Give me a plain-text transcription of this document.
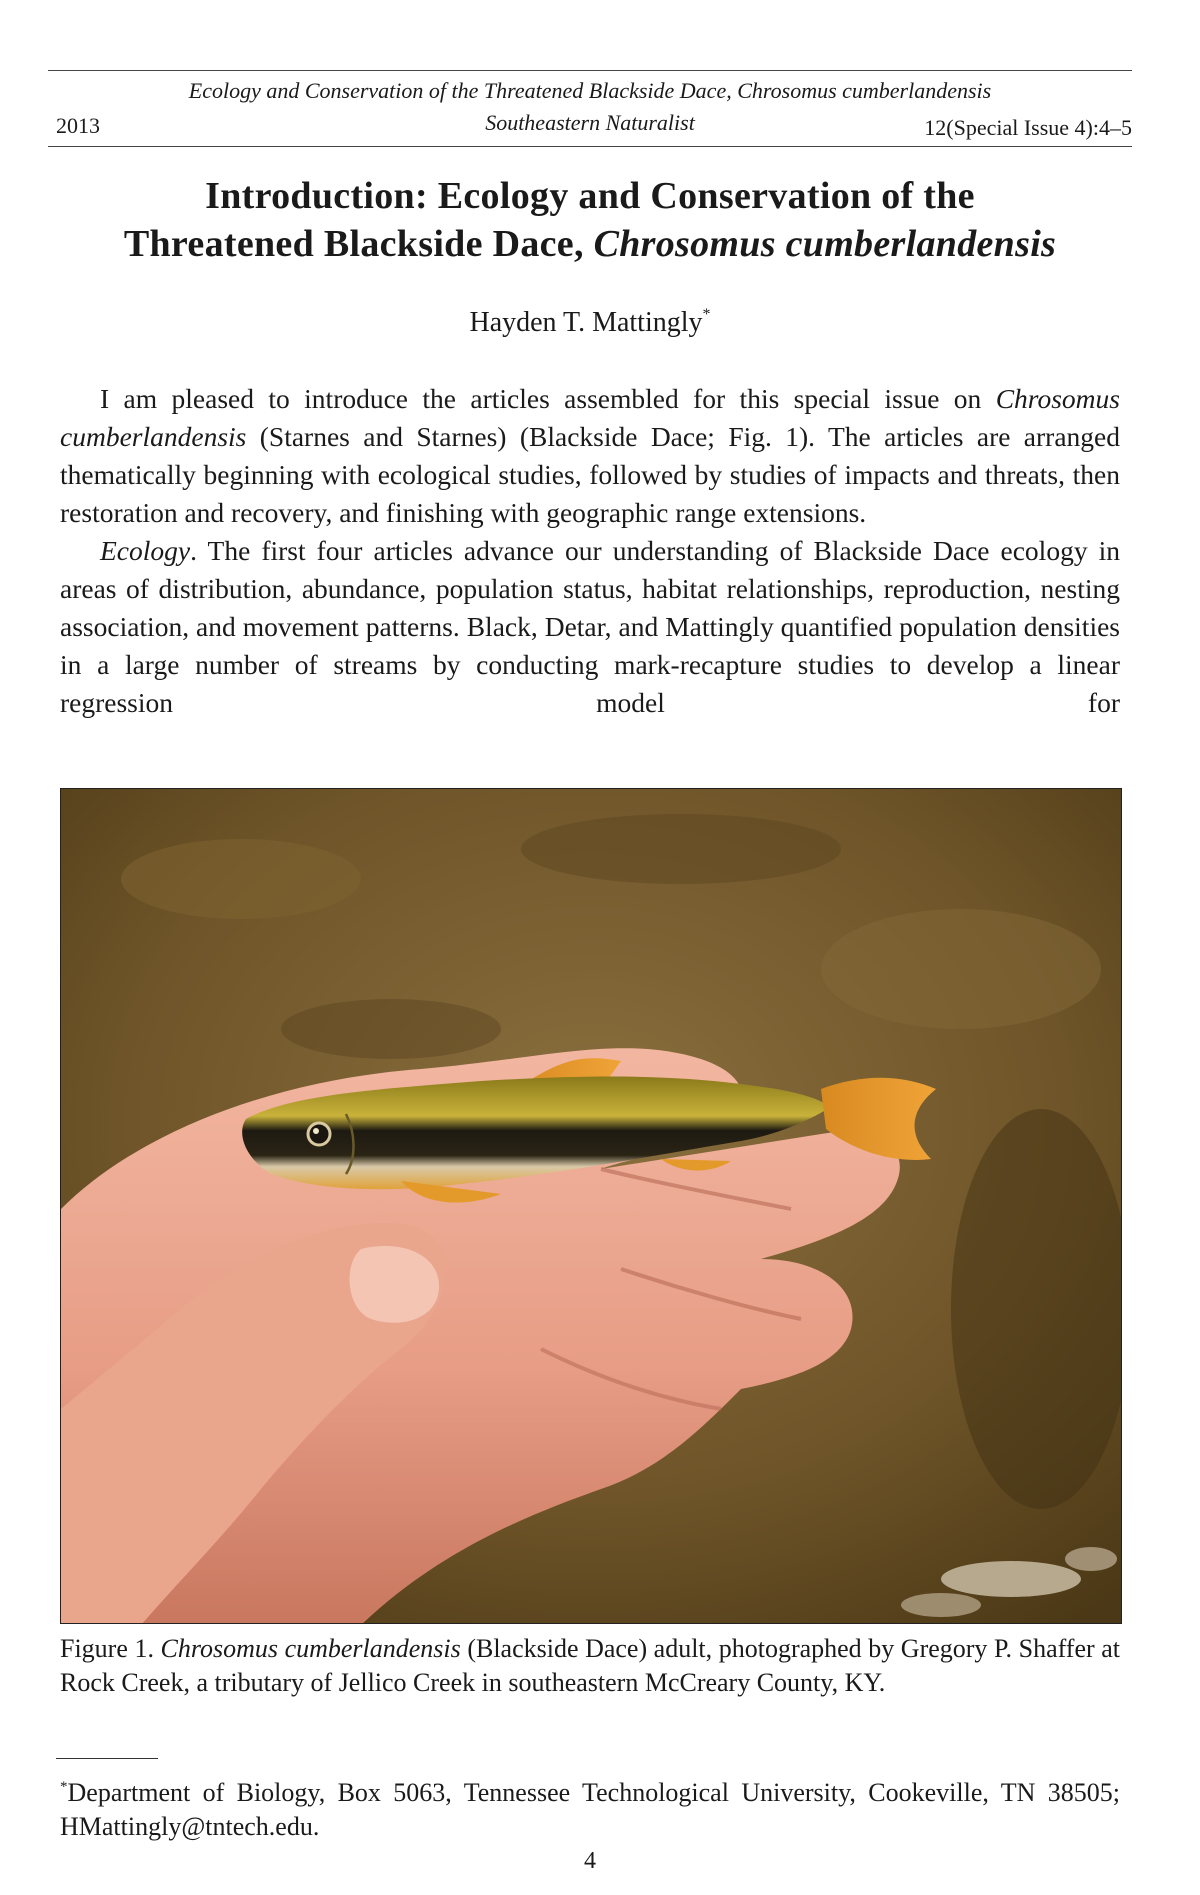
Ecology and Conservation of the Threatened Blackside Dace, Chrosomus cumberlandensis
2013	Southeastern Naturalist	12(Special Issue 4):4–5
Introduction: Ecology and Conservation of the
Threatened Blackside Dace, Chrosomus cumberlandensis
Hayden T. Mattingly*

I am pleased to introduce the articles assembled for this special issue on Chrosomus cumberlandensis (Starnes and Starnes) (Blackside Dace; Fig. 1). The articles are arranged thematically beginning with ecological studies, followed by studies of impacts and threats, then restoration and recovery, and finishing with geographic range extensions.

Ecology. The first four articles advance our understanding of Blackside Dace ecology in areas of distribution, abundance, population status, habitat relationships, reproduction, nesting association, and movement patterns. Black, Detar, and Mattingly quantified population densities in a large number of streams by conducting mark-recapture studies to develop a linear regression model for

Figure 1. Chrosomus cumberlandensis (Blackside Dace) adult, photographed by Gregory P. Shaffer at Rock Creek, a tributary of Jellico Creek in southeastern McCreary County, KY.
*Department of Biology, Box 5063, Tennessee Technological University, Cookeville, TN 38505; HMattingly@tntech.edu.
4
